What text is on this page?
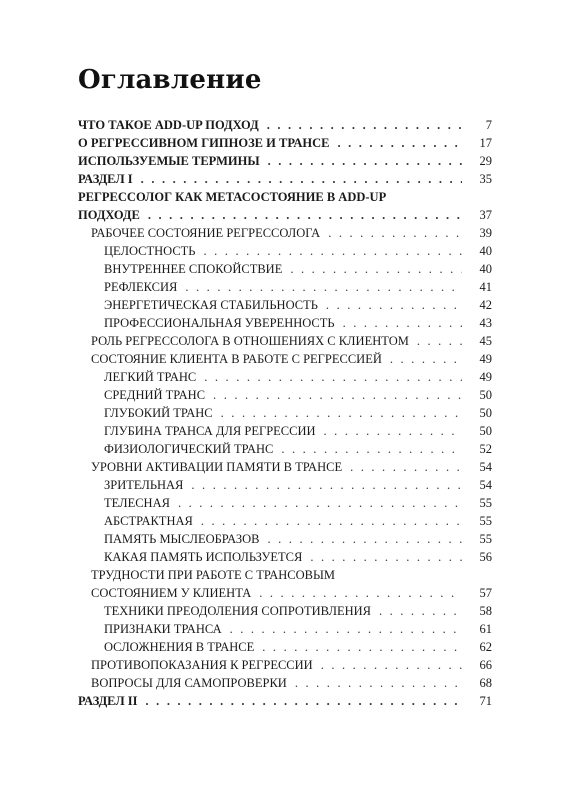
Оглавление
ЧТО ТАКОЕ ADD-UP ПОДХОД . . .	7
О РЕГРЕССИВНОМ ГИПНОЗЕ И ТРАНСЕ . . .	17
ИСПОЛЬЗУЕМЫЕ ТЕРМИНЫ . . .	29
РАЗДЕЛ I . . .	35
РЕГРЕССОЛОГ КАК МЕТАСОСТОЯНИЕ В ADD-UP
ПОДХОДЕ . . .	37
РАБОЧЕЕ СОСТОЯНИЕ РЕГРЕССОЛОГА . . .	39
ЦЕЛОСТНОСТЬ . . .	40
ВНУТРЕННЕЕ СПОКОЙСТВИЕ . . .	40
РЕФЛЕКСИЯ . . .	41
ЭНЕРГЕТИЧЕСКАЯ СТАБИЛЬНОСТЬ . . .	42
ПРОФЕССИОНАЛЬНАЯ УВЕРЕННОСТЬ . . .	43
РОЛЬ РЕГРЕССОЛОГА В ОТНОШЕНИЯХ С КЛИЕНТОМ . . .	45
СОСТОЯНИЕ КЛИЕНТА В РАБОТЕ С РЕГРЕССИЕЙ . . .	49
ЛЕГКИЙ ТРАНС . . .	49
СРЕДНИЙ ТРАНС . . .	50
ГЛУБОКИЙ ТРАНС . . .	50
ГЛУБИНА ТРАНСА ДЛЯ РЕГРЕССИИ . . .	50
ФИЗИОЛОГИЧЕСКИЙ ТРАНС . . .	52
УРОВНИ АКТИВАЦИИ ПАМЯТИ В ТРАНСЕ . . .	54
ЗРИТЕЛЬНАЯ . . .	54
ТЕЛЕСНАЯ . . .	55
АБСТРАКТНАЯ . . .	55
ПАМЯТЬ МЫСЛЕОБРАЗОВ . . .	55
КАКАЯ ПАМЯТЬ ИСПОЛЬЗУЕТСЯ . . .	56
ТРУДНОСТИ ПРИ РАБОТЕ С ТРАНСОВЫМ
СОСТОЯНИЕМ У КЛИЕНТА . . .	57
ТЕХНИКИ ПРЕОДОЛЕНИЯ СОПРОТИВЛЕНИЯ . . .	58
ПРИЗНАКИ ТРАНСА . . .	61
ОСЛОЖНЕНИЯ В ТРАНСЕ . . .	62
ПРОТИВОПОКАЗАНИЯ К РЕГРЕССИИ . . .	66
ВОПРОСЫ ДЛЯ САМОПРОВЕРКИ . . .	68
РАЗДЕЛ II . . .	71
